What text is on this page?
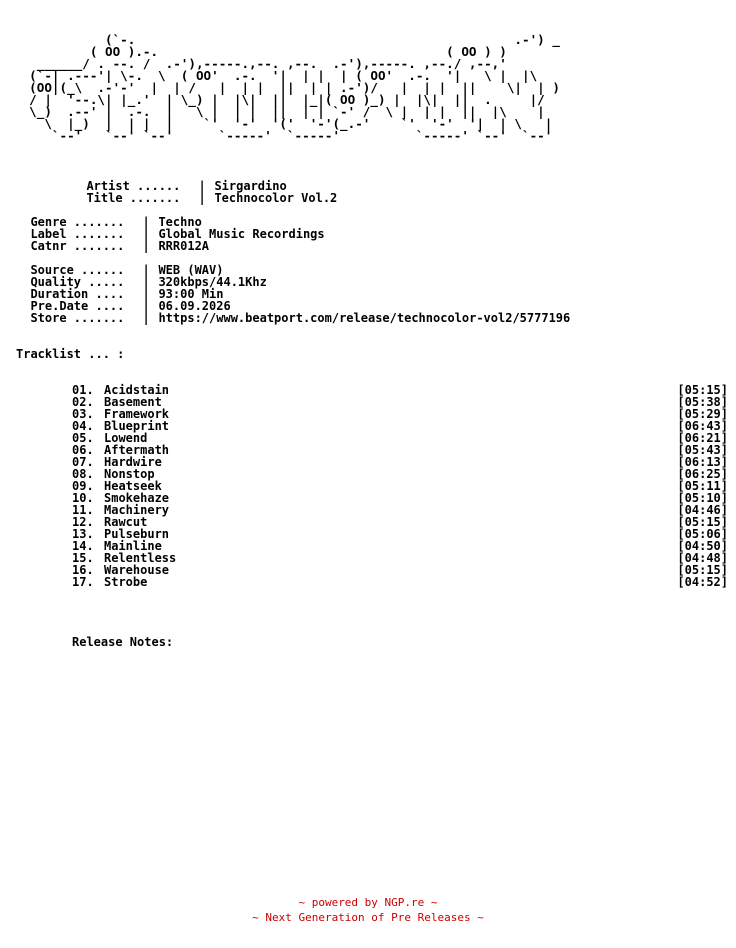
(`-.                                                  .-') _
( OO ).-.                                      ( OO ) )
______/ . --. /  .-'),-----.,--. ,--.  .-'),-----. ,--./ ,--,'
(`-| .---'| \-.  \  ( OO'  .-.  '|  | |  | ( OO'  .-.  '|   \ |  |\
(OO|(_\  .-'-'  |  | /   |  | |  ||  | | .-')/   |  | |  ||    \|  | )
/ |  '--.\| |_.'  | \_) |  |\|  ||  |_|( OO )_) |  |\|  ||  .     |/
\_)  .--' |  .-.  |   \ |  | |  ||  | | `-' /  \ |  | |  ||  |\    |
\  |_)  |  | |  |    `'  '-'  '('  '-'(_.-'    `'  '-'  '|  | \   |
`--'   `--' `--'      `-----'  `-----'          `-----' `--'  `--'

Artist ...... | Sirgardino

Title ....... | Technocolor Vol.2

Genre ....... | Techno

Label ....... | Global Music Recordings

Catnr ....... | RRR012A

Source ...... | WEB (WAV)

Quality ..... | 320kbps/44.1Khz

Duration .... | 93:00 Min

Pre.Date .... | 06.09.2026

Store ....... | https://www.beatport.com/release/technocolor-vol2/5777196

Tracklist ... :
01. Acidstain	[05:15]
02. Basement	[05:38]
03. Framework	[05:29]
04. Blueprint	[06:43]
05. Lowend	[06:21]
06. Aftermath	[05:43]
07. Hardwire	[06:13]
08. Nonstop	[06:25]
09. Heatseek	[05:11]
10. Smokehaze	[05:10]
11. Machinery	[04:46]
12. Rawcut	[05:15]
13. Pulseburn	[05:06]
14. Mainline	[04:50]
15. Relentless	[04:48]
16. Warehouse	[05:15]
17. Strobe	[04:52]
Release Notes:
~ powered by NGP.re ~
~ Next Generation of Pre Releases ~
